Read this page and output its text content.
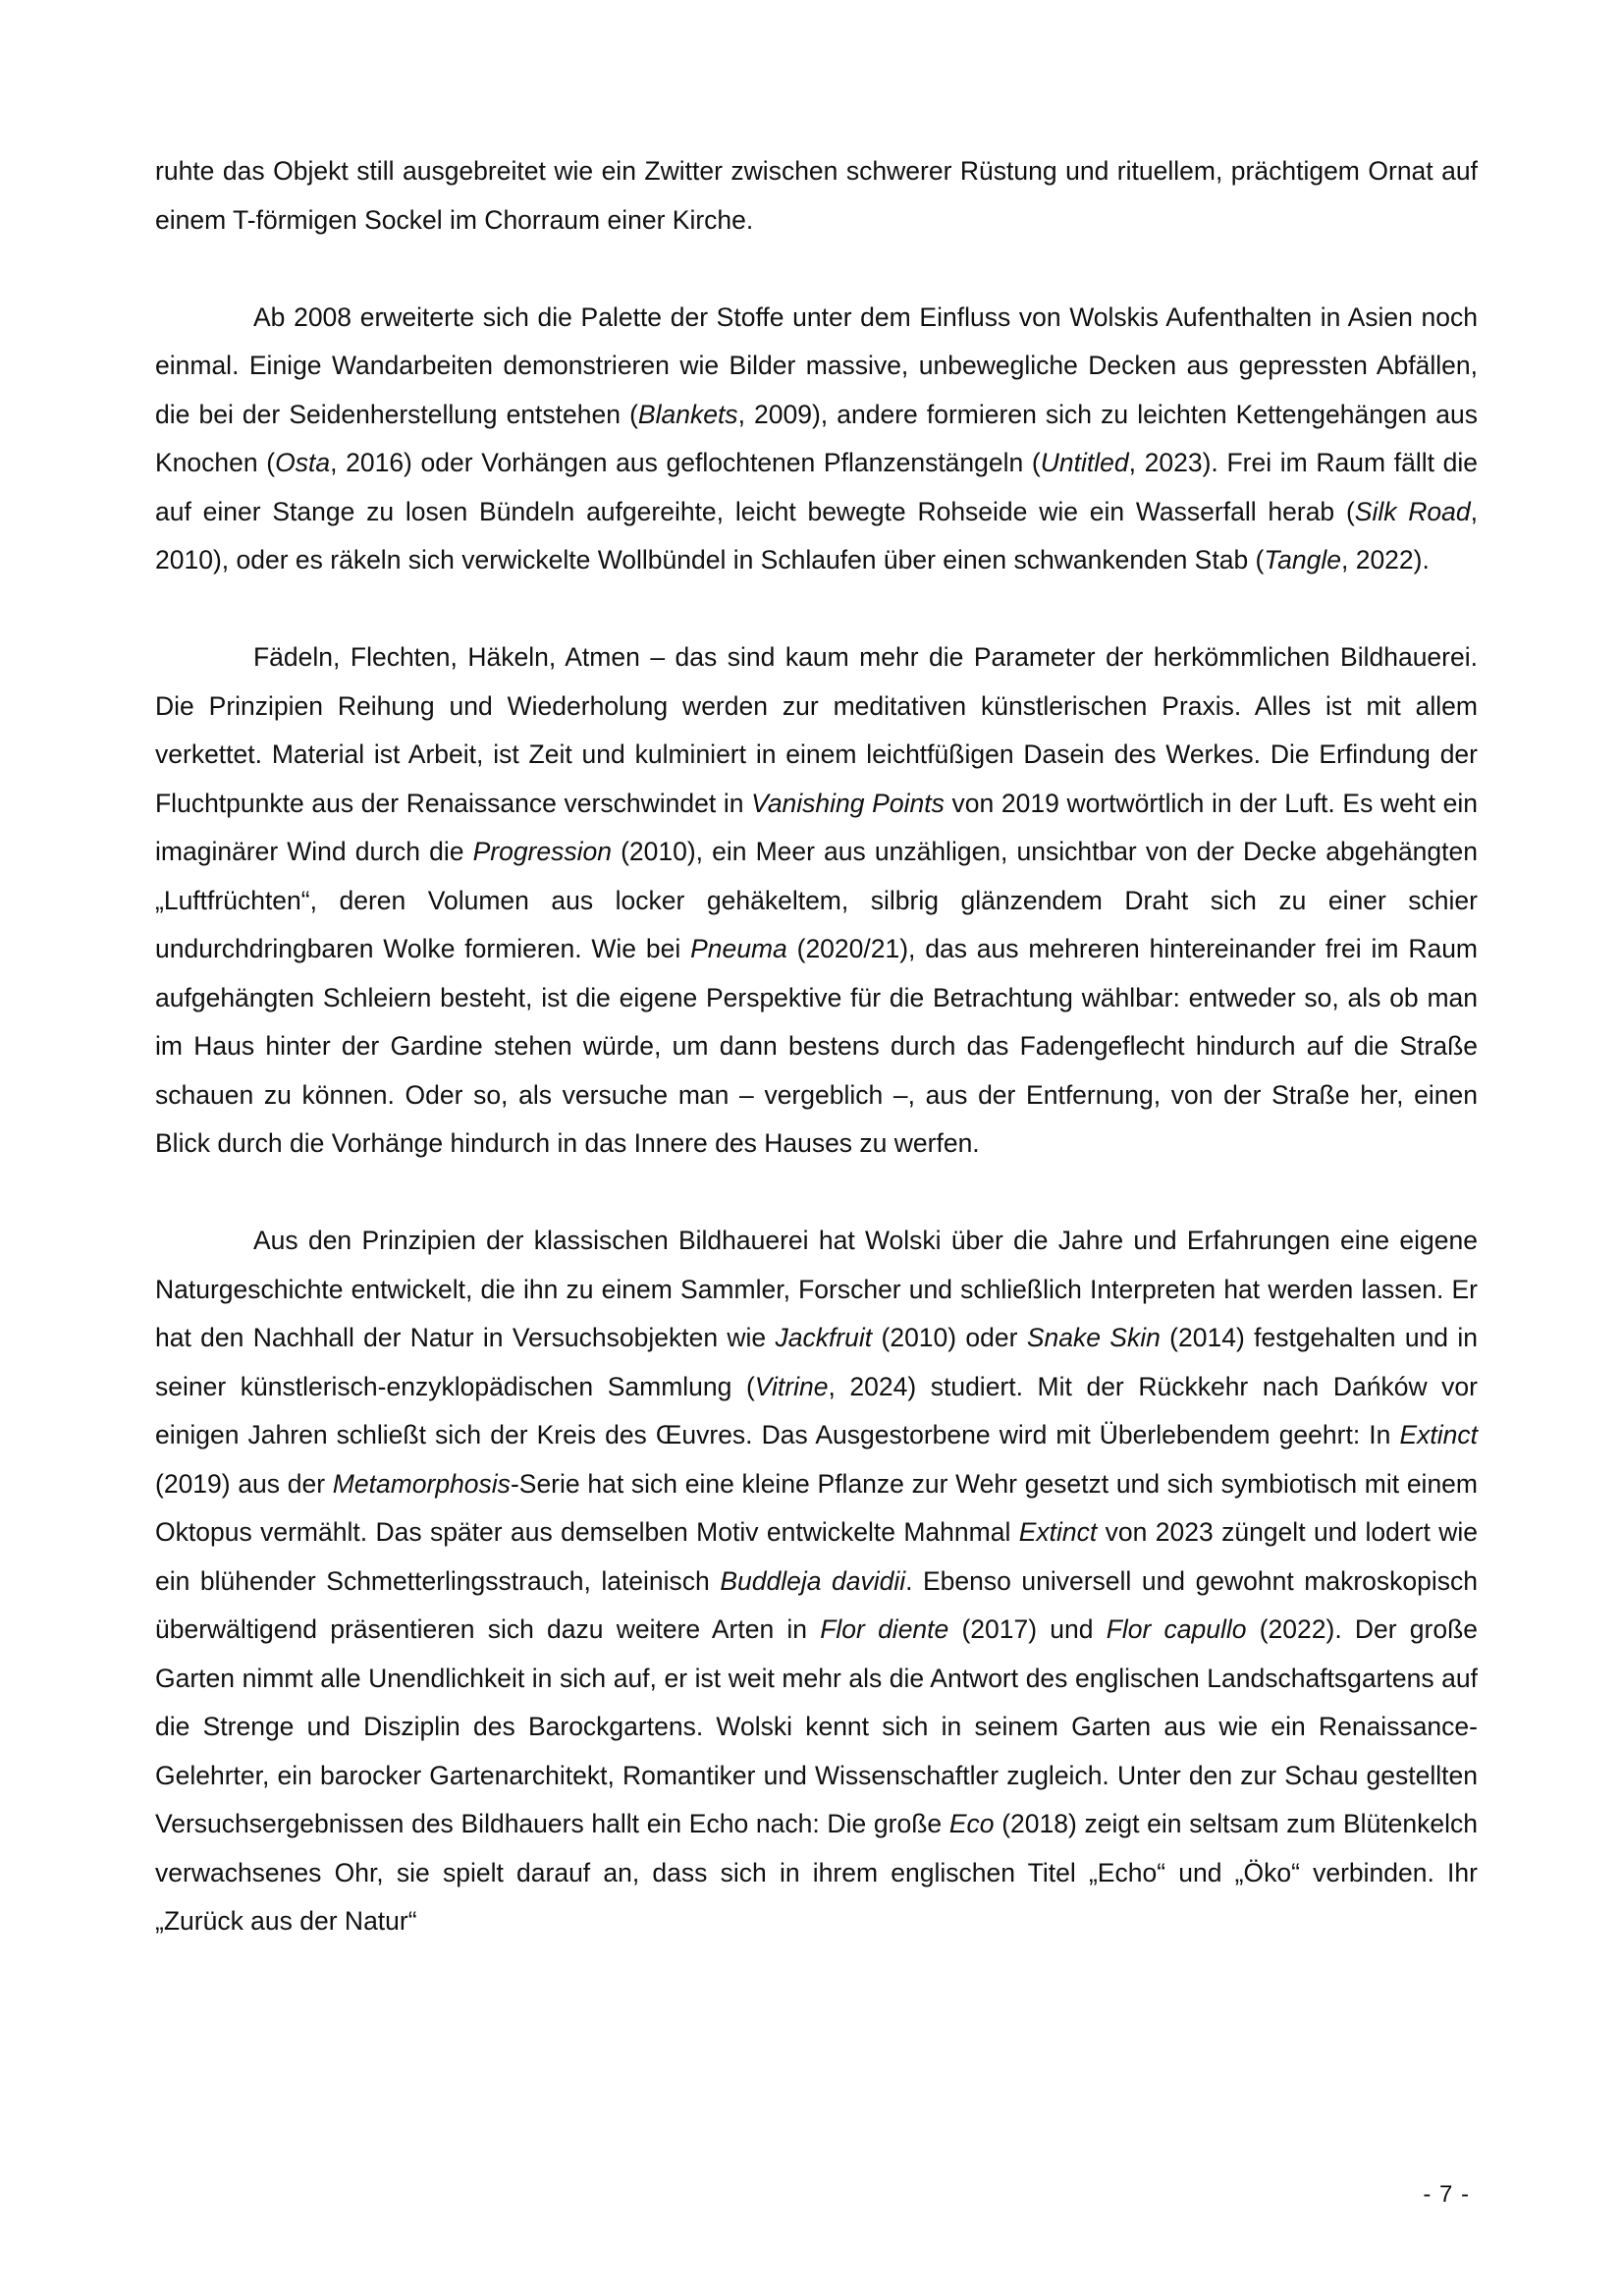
ruhte das Objekt still ausgebreitet wie ein Zwitter zwischen schwerer Rüstung und rituellem, prächtigem Ornat auf einem T-förmigen Sockel im Chorraum einer Kirche.

Ab 2008 erweiterte sich die Palette der Stoffe unter dem Einfluss von Wolskis Aufenthalten in Asien noch einmal. Einige Wandarbeiten demonstrieren wie Bilder massive, unbewegliche Decken aus gepressten Abfällen, die bei der Seidenherstellung entstehen (Blankets, 2009), andere formieren sich zu leichten Kettengehängen aus Knochen (Osta, 2016) oder Vorhängen aus geflochtenen Pflanzenstängeln (Untitled, 2023). Frei im Raum fällt die auf einer Stange zu losen Bündeln aufgereihte, leicht bewegte Rohseide wie ein Wasserfall herab (Silk Road, 2010), oder es räkeln sich verwickelte Wollbündel in Schlaufen über einen schwankenden Stab (Tangle, 2022).

Fädeln, Flechten, Häkeln, Atmen – das sind kaum mehr die Parameter der herkömmlichen Bildhauerei. Die Prinzipien Reihung und Wiederholung werden zur meditativen künstlerischen Praxis. Alles ist mit allem verkettet. Material ist Arbeit, ist Zeit und kulminiert in einem leichtfüßigen Dasein des Werkes. Die Erfindung der Fluchtpunkte aus der Renaissance verschwindet in Vanishing Points von 2019 wortwörtlich in der Luft. Es weht ein imaginärer Wind durch die Progression (2010), ein Meer aus unzähligen, unsichtbar von der Decke abgehängten „Luftfrüchten“, deren Volumen aus locker gehäkeltem, silbrig glänzendem Draht sich zu einer schier undurchdringbaren Wolke formieren. Wie bei Pneuma (2020/21), das aus mehreren hintereinander frei im Raum aufgehängten Schleiern besteht, ist die eigene Perspektive für die Betrachtung wählbar: entweder so, als ob man im Haus hinter der Gardine stehen würde, um dann bestens durch das Fadengeflecht hindurch auf die Straße schauen zu können. Oder so, als versuche man – vergeblich –, aus der Entfernung, von der Straße her, einen Blick durch die Vorhänge hindurch in das Innere des Hauses zu werfen.

Aus den Prinzipien der klassischen Bildhauerei hat Wolski über die Jahre und Erfahrungen eine eigene Naturgeschichte entwickelt, die ihn zu einem Sammler, Forscher und schließlich Interpreten hat werden lassen. Er hat den Nachhall der Natur in Versuchsobjekten wie Jackfruit (2010) oder Snake Skin (2014) festgehalten und in seiner künstlerisch-enzyklopädischen Sammlung (Vitrine, 2024) studiert. Mit der Rückkehr nach Dańków vor einigen Jahren schließt sich der Kreis des Œuvres. Das Ausgestorbene wird mit Überlebendem geehrt: In Extinct (2019) aus der Metamorphosis-Serie hat sich eine kleine Pflanze zur Wehr gesetzt und sich symbiotisch mit einem Oktopus vermählt. Das später aus demselben Motiv entwickelte Mahnmal Extinct von 2023 züngelt und lodert wie ein blühender Schmetterlingsstrauch, lateinisch Buddleja davidii. Ebenso universell und gewohnt makroskopisch überwältigend präsentieren sich dazu weitere Arten in Flor diente (2017) und Flor capullo (2022). Der große Garten nimmt alle Unendlichkeit in sich auf, er ist weit mehr als die Antwort des englischen Landschaftsgartens auf die Strenge und Disziplin des Barockgartens. Wolski kennt sich in seinem Garten aus wie ein Renaissance-Gelehrter, ein barocker Gartenarchitekt, Romantiker und Wissenschaftler zugleich. Unter den zur Schau gestellten Versuchsergebnissen des Bildhauers hallt ein Echo nach: Die große Eco (2018) zeigt ein seltsam zum Blütenkelch verwachsenes Ohr, sie spielt darauf an, dass sich in ihrem englischen Titel „Echo“ und „Öko“ verbinden. Ihr „Zurück aus der Natur“

- 7 -
